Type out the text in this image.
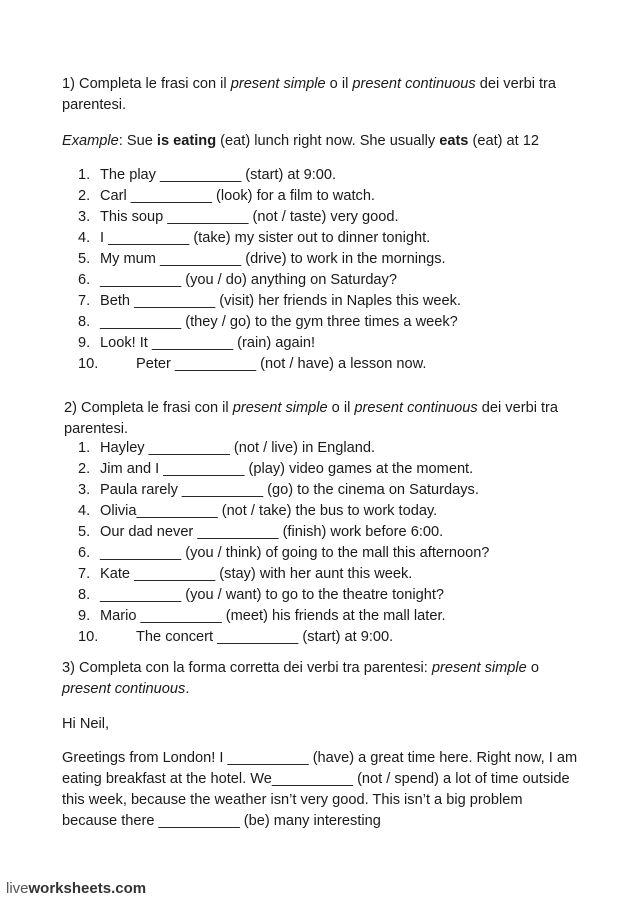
1) Completa le frasi con il present simple o il present continuous dei verbi tra parentesi.
Example: Sue is eating (eat) lunch right now. She usually eats (eat) at 12
1. The play __________ (start) at 9:00.
2. Carl __________ (look) for a film to watch.
3. This soup __________ (not / taste) very good.
4. I __________ (take) my sister out to dinner tonight.
5. My mum __________ (drive) to work in the mornings.
6. __________ (you / do) anything on Saturday?
7. Beth __________ (visit) her friends in Naples this week.
8. __________ (they / go) to the gym three times a week?
9. Look! It __________ (rain) again!
10.	Peter __________ (not / have) a lesson now.
2) Completa le frasi con il present simple o il present continuous dei verbi tra parentesi.
1. Hayley __________ (not / live) in England.
2. Jim and I __________ (play) video games at the moment.
3. Paula rarely __________ (go) to the cinema on Saturdays.
4. Olivia__________ (not / take) the bus to work today.
5. Our dad never __________ (finish) work before 6:00.
6. __________ (you / think) of going to the mall this afternoon?
7. Kate __________ (stay) with her aunt this week.
8. __________ (you / want) to go to the theatre tonight?
9. Mario __________ (meet) his friends at the mall later.
10.	The concert __________ (start) at 9:00.
3) Completa con la forma corretta dei verbi tra parentesi: present simple o present continuous.
Hi Neil,
Greetings from London! I __________ (have) a great time here. Right now, I am eating breakfast at the hotel. We__________ (not / spend) a lot of time outside this week, because the weather isn’t very good. This isn’t a big problem because there __________ (be) many interesting
liveworksheets.com
